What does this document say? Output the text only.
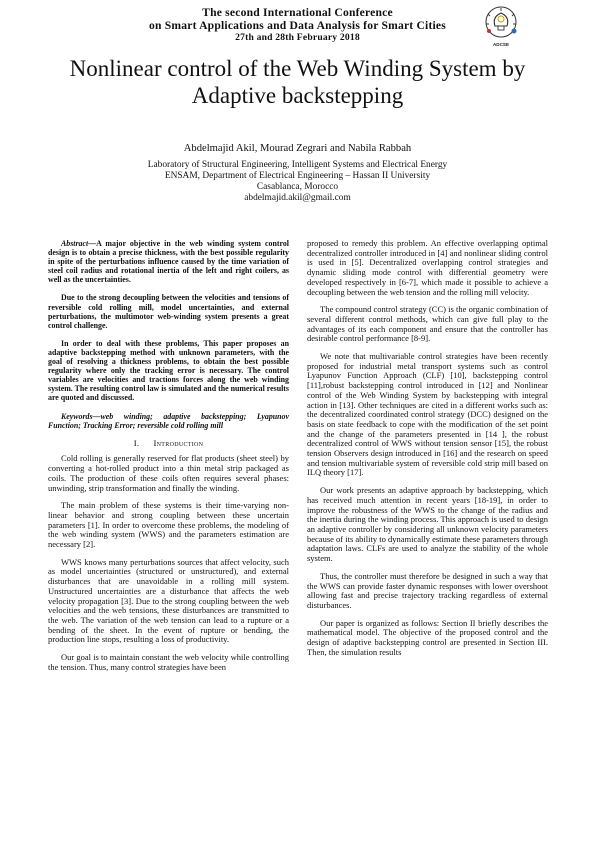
The second International Conference
on Smart Applications and Data Analysis for Smart Cities
27th and 28th February 2018
ADCSE
Nonlinear control of the Web Winding System by Adaptive backstepping
Abdelmajid Akil, Mourad Zegrari and Nabila Rabbah
Laboratory of Structural Engineering, Intelligent Systems and Electrical Energy
ENSAM, Department of Electrical Engineering – Hassan II University
Casablanca, Morocco
abdelmajid.akil@gmail.com

Abstract—A major objective in the web winding system control design is to obtain a precise thickness, with the best possible regularity in spite of the perturbations influence caused by the time variation of steel coil radius and rotational inertia of the left and right coilers, as well as the uncertainties.

Due to the strong decoupling between the velocities and tensions of reversible cold rolling mill, model uncertainties, and external perturbations, the multimotor web-winding system presents a great control challenge.

In order to deal with these problems, This paper proposes an adaptive backstepping method with unknown parameters, with the goal of resolving a thickness problems, to obtain the best possible regularity where only the tracking error is necessary. The control variables are velocities and tractions forces along the web winding system. The resulting control law is simulated and the numerical results are quoted and discussed.

Keywords—web winding; adaptive backstepping; Lyapunov Function; Tracking Error; reversible cold rolling mill

I. Introduction

Cold rolling is generally reserved for flat products (sheet steel) by converting a hot-rolled product into a thin metal strip packaged as coils. The production of these coils often requires several phases: unwinding, strip transformation and finally the winding.

The main problem of these systems is their time-varying non-linear behavior and strong coupling between these uncertain parameters [1]. In order to overcome these problems, the modeling of the web winding system (WWS) and the parameters estimation are necessary [2].

WWS knows many perturbations sources that affect velocity, such as model uncertainties (structured or unstructured), and external disturbances that are unavoidable in a rolling mill system. Unstructured uncertainties are a disturbance that affects the web velocity propagation [3]. Due to the strong coupling between the web velocities and the web tensions, these disturbances are transmitted to the web. The variation of the web tension can lead to a rupture or a bending of the sheet. In the event of rupture or bending, the production line stops, resulting a loss of productivity.

Our goal is to maintain constant the web velocity while controlling the tension. Thus, many control strategies have been

proposed to remedy this problem. An effective overlapping optimal decentralized controller introduced in [4] and nonlinear sliding control is used in [5]. Decentralized overlapping control strategies and dynamic sliding mode control with differential geometry were developed respectively in [6-7], which made it possible to achieve a decoupling between the web tension and the rolling mill velocity.

The compound control strategy (CC) is the organic combination of several different control methods, which can give full play to the advantages of its each component and ensure that the controller has desirable control performance [8-9].

We note that multivariable control strategies have been recently proposed for industrial metal transport systems such as control Lyapunov Function Approach (CLF) [10], backstepping control [11],robust backstepping control introduced in [12] and Nonlinear control of the Web Winding System by backstepping with integral action in [13]. Other techniques are cited in a different works such as: the decentralized coordinated control strategy (DCC) designed on the basis on state feedback to cope with the modification of the set point and the change of the parameters presented in [14 ], the robust decentralized control of WWS without tension sensor [15], the robust tension Observers design introduced in [16] and the research on speed and tension multivariable system of reversible cold strip mill based on ILQ theory [17].

Our work presents an adaptive approach by backstepping, which has received much attention in recent years [18-19], in order to improve the robustness of the WWS to the change of the radius and the inertia during the winding process. This approach is used to design an adaptive controller by considering all unknown velocity parameters because of its ability to dynamically estimate these parameters through adaptation laws. CLFs are used to analyze the stability of the whole system.

Thus, the controller must therefore be designed in such a way that the WWS can provide faster dynamic responses with lower overshoot allowing fast and precise trajectory tracking regardless of external disturbances.

Our paper is organized as follows: Section II briefly describes the mathematical model. The objective of the proposed control and the design of adaptive backstepping control are presented in Section III. Then, the simulation results
